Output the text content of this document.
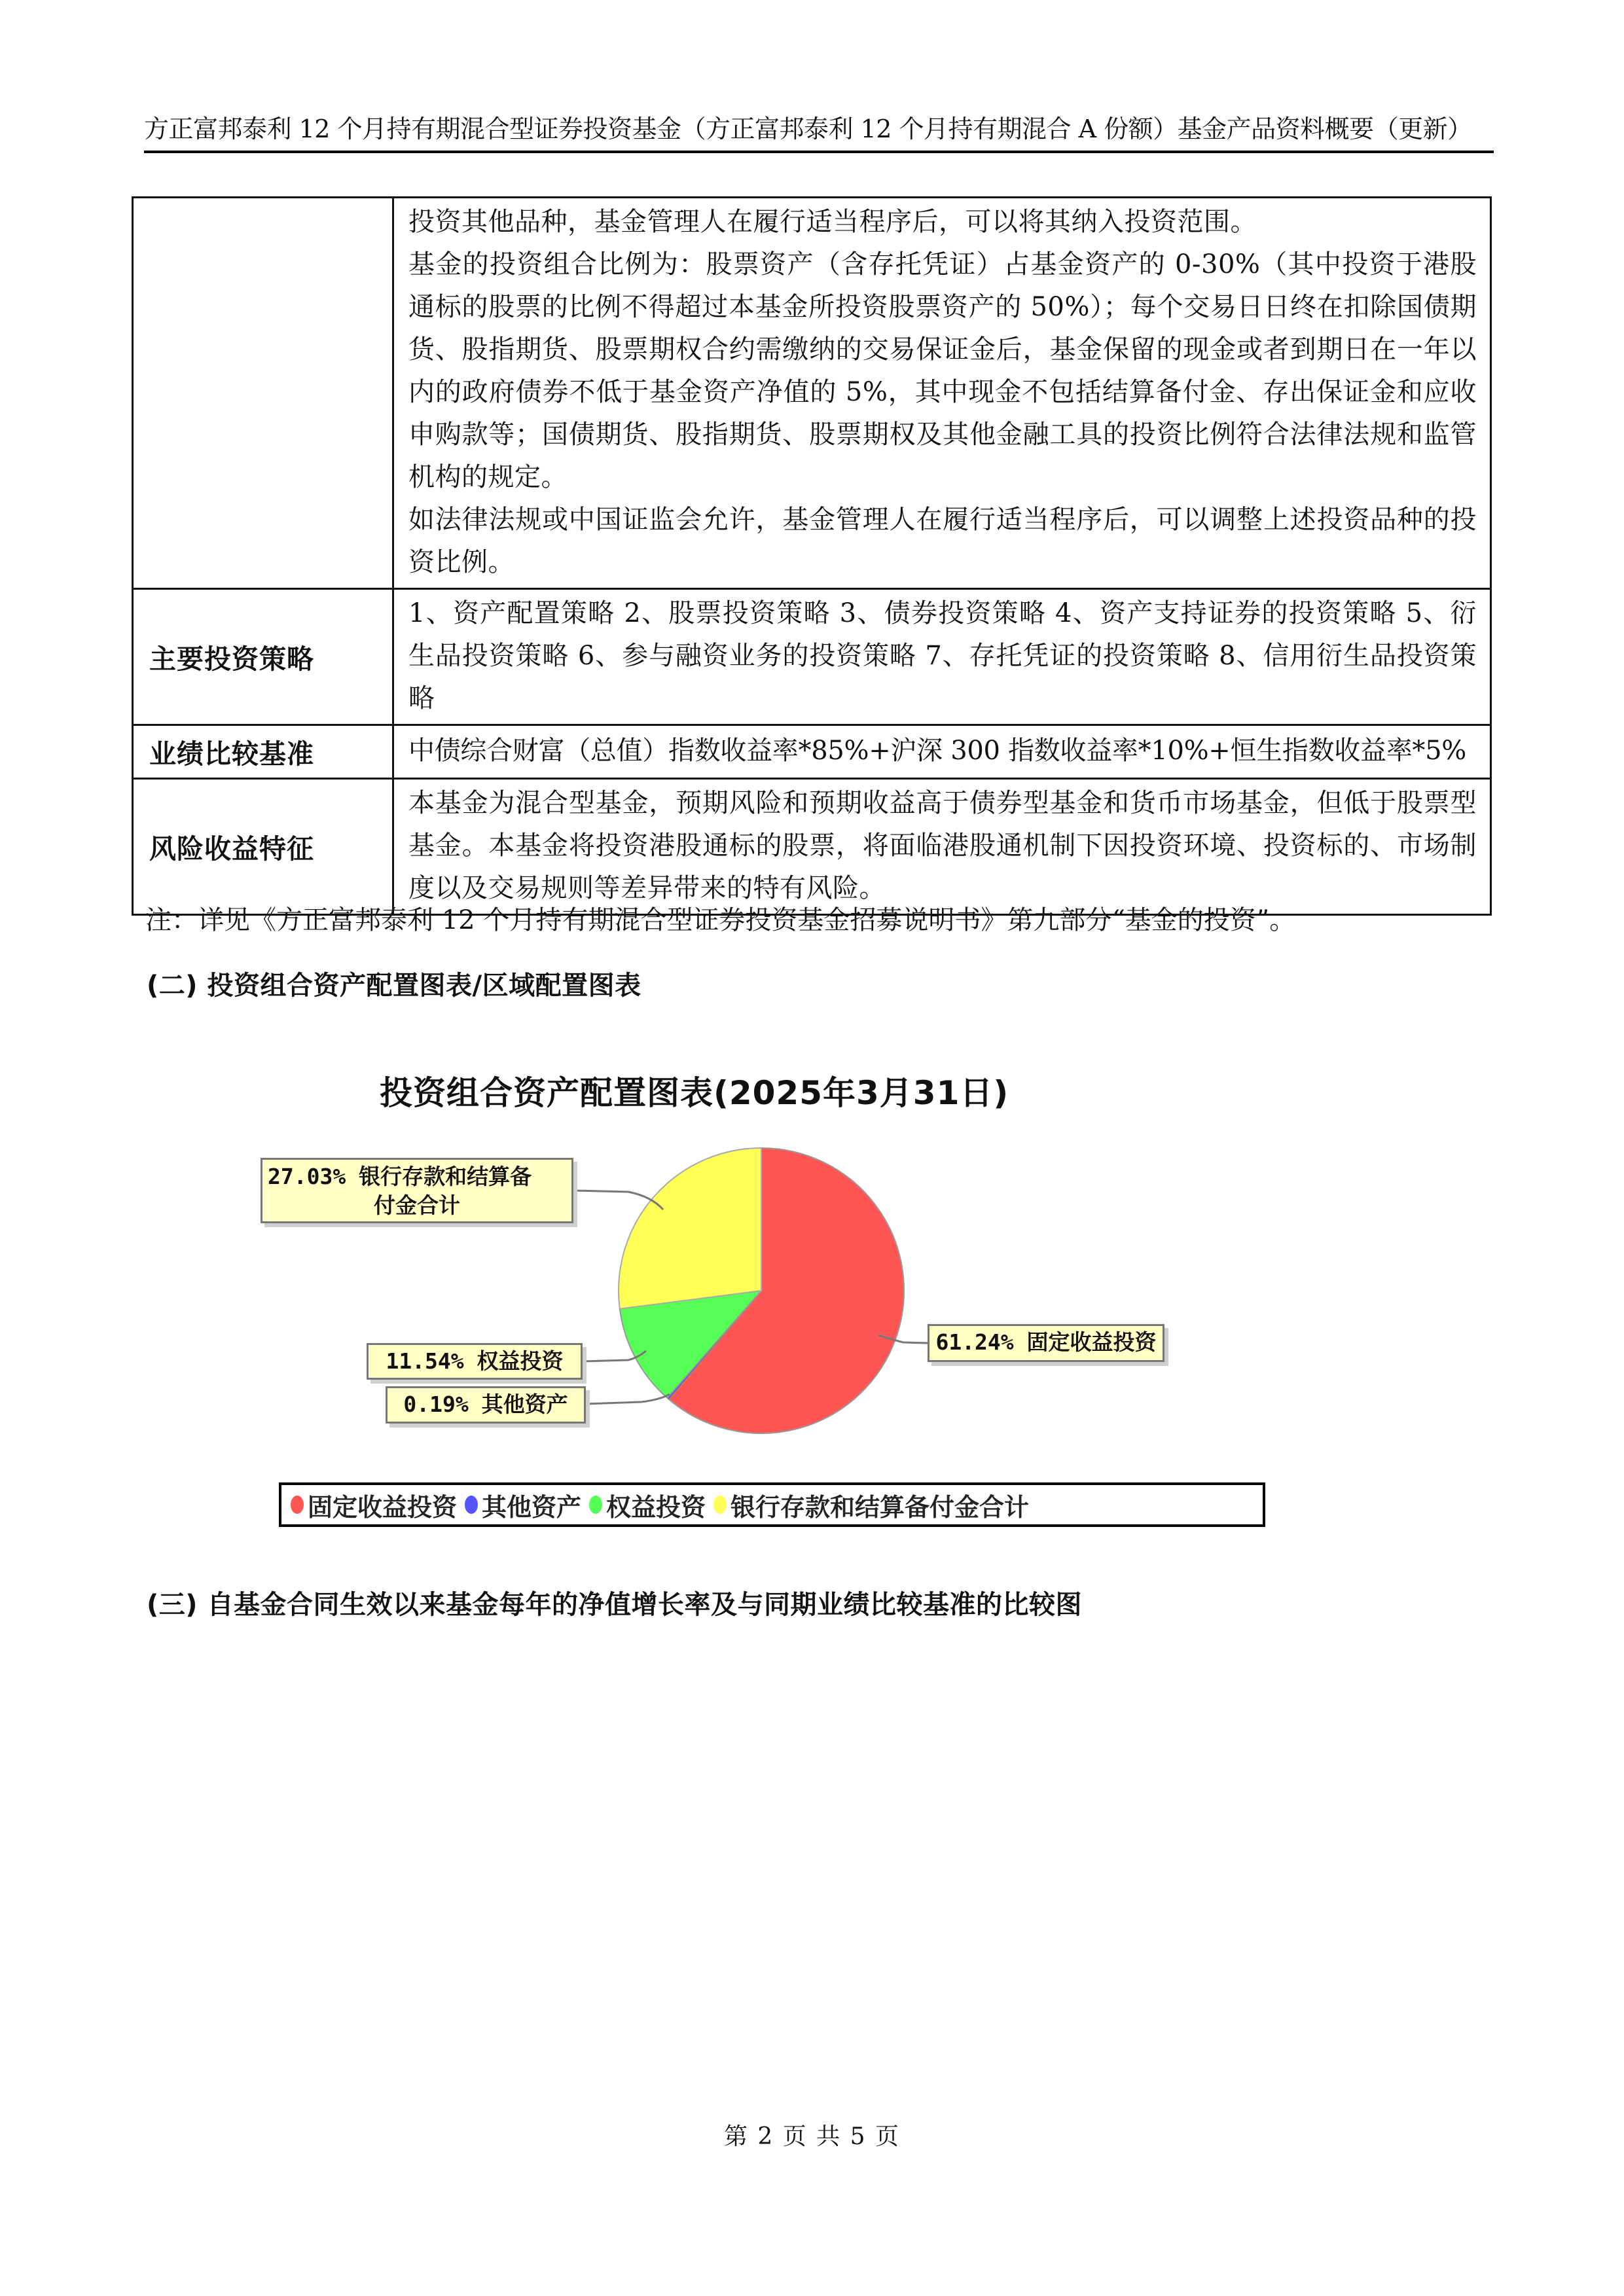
方正富邦泰利 12 个月持有期混合型证券投资基金（方正富邦泰利 12 个月持有期混合 A 份额）基金产品资料概要（更新）

	投资其他品种，基金管理人在履行适当程序后，可以将其纳入投资范围。

基金的投资组合比例为：股票资产（含存托凭证）占基金资产的 0-30%（其中投资于港股通标的股票的比例不得超过本基金所投资股票资产的 50%）；每个交易日日终在扣除国债期货、股指期货、股票期权合约需缴纳的交易保证金后，基金保留的现金或者到期日在一年以内的政府债券不低于基金资产净值的 5%，其中现金不包括结算备付金、存出保证金和应收申购款等；国债期货、股指期货、股票期权及其他金融工具的投资比例符合法律法规和监管机构的规定。

如法律法规或中国证监会允许，基金管理人在履行适当程序后，可以调整上述投资品种的投资比例。

主要投资策略	1、资产配置策略 2、股票投资策略 3、债券投资策略 4、资产支持证券的投资策略 5、衍生品投资策略 6、参与融资业务的投资策略 7、存托凭证的投资策略 8、信用衍生品投资策略

业绩比较基准	中债综合财富（总值）指数收益率*85%+沪深 300 指数收益率*10%+恒生指数收益率*5%

风险收益特征	本基金为混合型基金，预期风险和预期收益高于债券型基金和货币市场基金，但低于股票型基金。本基金将投资港股通标的股票，将面临港股通机制下因投资环境、投资标的、市场制度以及交易规则等差异带来的特有风险。

注：详见《方正富邦泰利 12 个月持有期混合型证券投资基金招募说明书》第九部分“基金的投资”。
(二) 投资组合资产配置图表/区域配置图表
投资组合资产配置图表(2025年3月31日)
27.03% 银行存款和结算备
付金合计
11.54% 权益投资
0.19% 其他资产
61.24% 固定收益投资
固定收益投资 其他资产 权益投资 银行存款和结算备付金合计
(三) 自基金合同生效以来基金每年的净值增长率及与同期业绩比较基准的比较图
第 2 页 共 5 页
